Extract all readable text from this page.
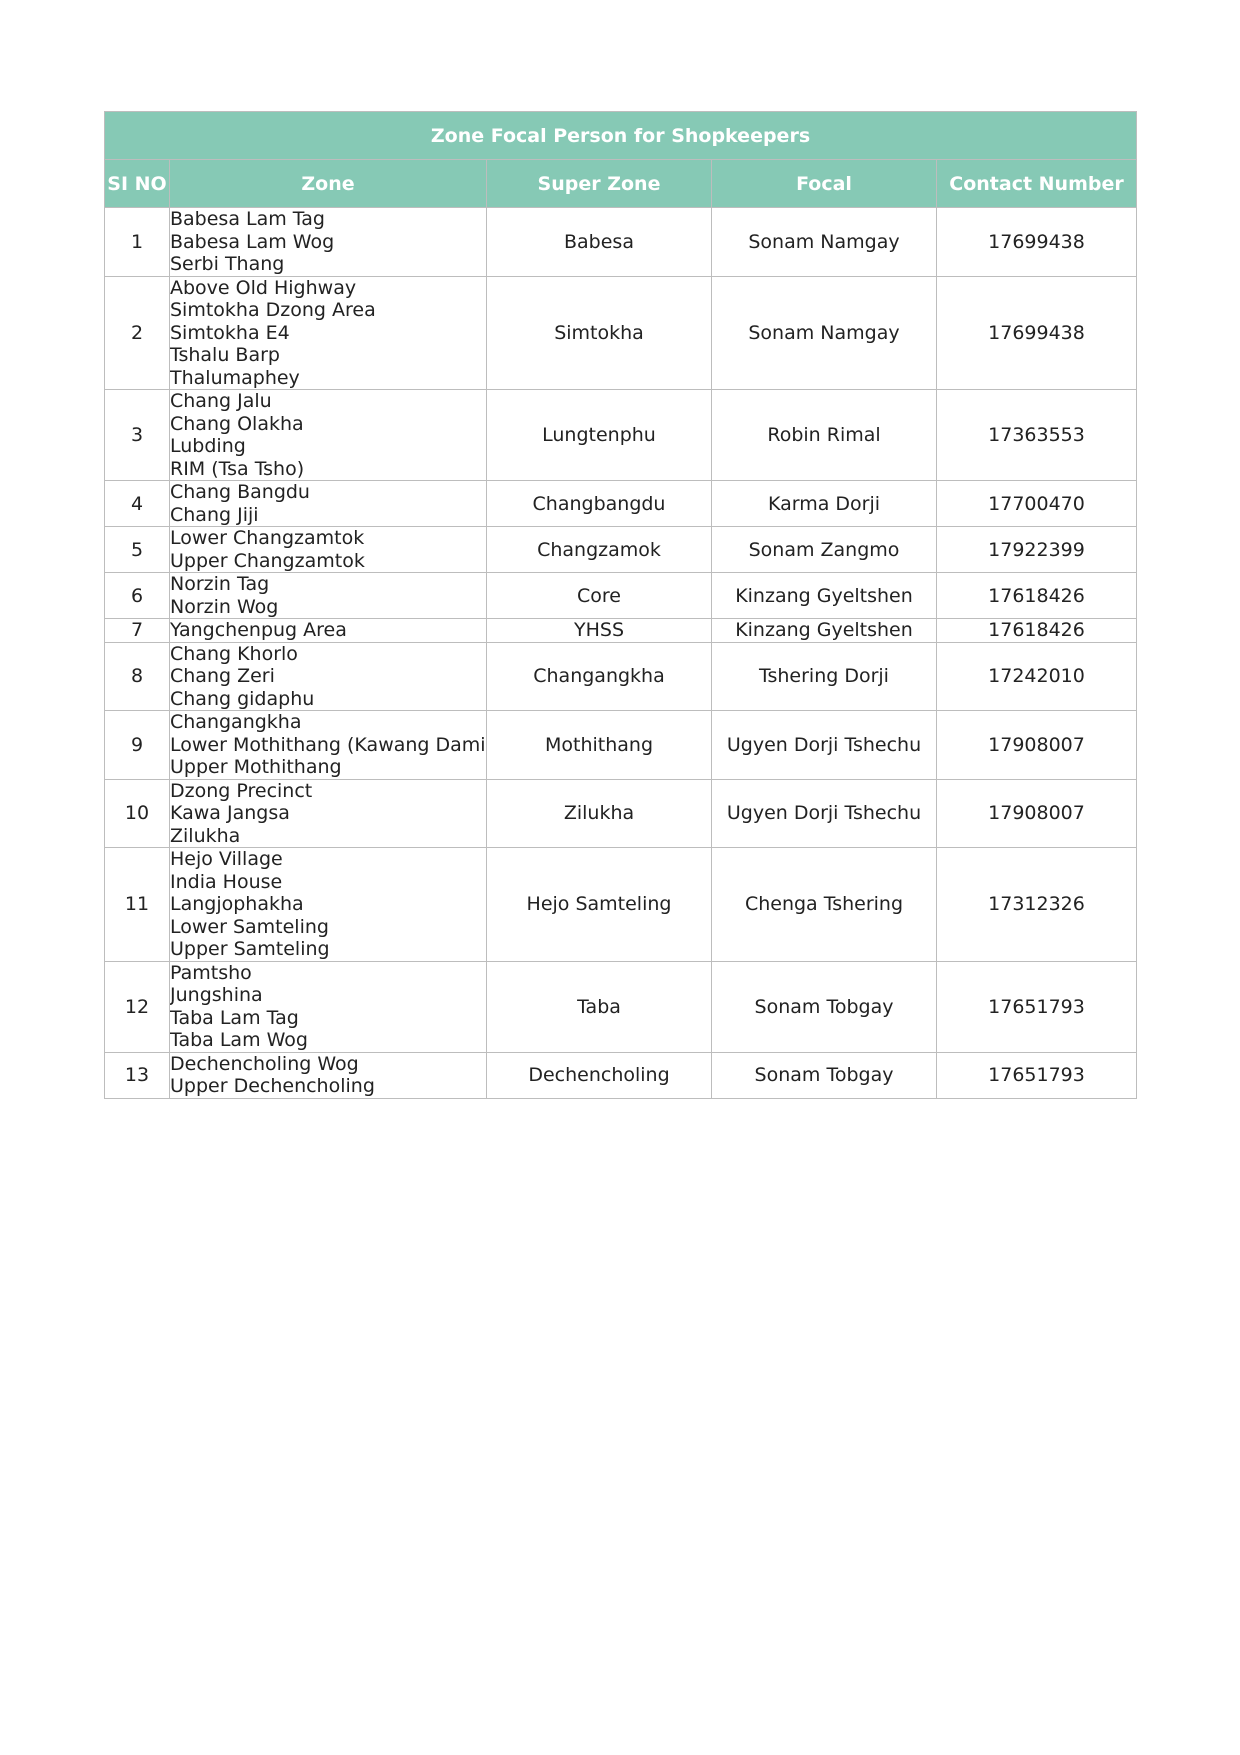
Zone Focal Person for Shopkeepers				
SI NO	Zone	Super Zone	Focal	Contact Number
1	Babesa Lam Tag
Babesa Lam Wog
Serbi Thang	Babesa	Sonam Namgay	17699438
2	Above Old Highway
Simtokha Dzong Area
Simtokha E4
Tshalu Barp
Thalumaphey	Simtokha	Sonam Namgay	17699438
3	Chang Jalu
Chang Olakha
Lubding
RIM (Tsa Tsho)	Lungtenphu	Robin Rimal	17363553
4	Chang Bangdu
Chang Jiji	Changbangdu	Karma Dorji	17700470
5	Lower Changzamtok
Upper Changzamtok	Changzamok	Sonam Zangmo	17922399
6	Norzin Tag
Norzin Wog	Core	Kinzang Gyeltshen	17618426
7	Yangchenpug Area	YHSS	Kinzang Gyeltshen	17618426
8	Chang Khorlo
Chang Zeri
Chang gidaphu	Changangkha	Tshering Dorji	17242010
9	Changangkha
Lower Mothithang (Kawang Dami
Upper Mothithang	Mothithang	Ugyen Dorji Tshechu	17908007
10	Dzong Precinct
Kawa Jangsa
Zilukha	Zilukha	Ugyen Dorji Tshechu	17908007
11	Hejo Village
India House
Langjophakha
Lower Samteling
Upper Samteling	Hejo Samteling	Chenga Tshering	17312326
12	Pamtsho
Jungshina
Taba Lam Tag
Taba Lam Wog	Taba	Sonam Tobgay	17651793
13	Dechencholing Wog
Upper Dechencholing	Dechencholing	Sonam Tobgay	17651793
